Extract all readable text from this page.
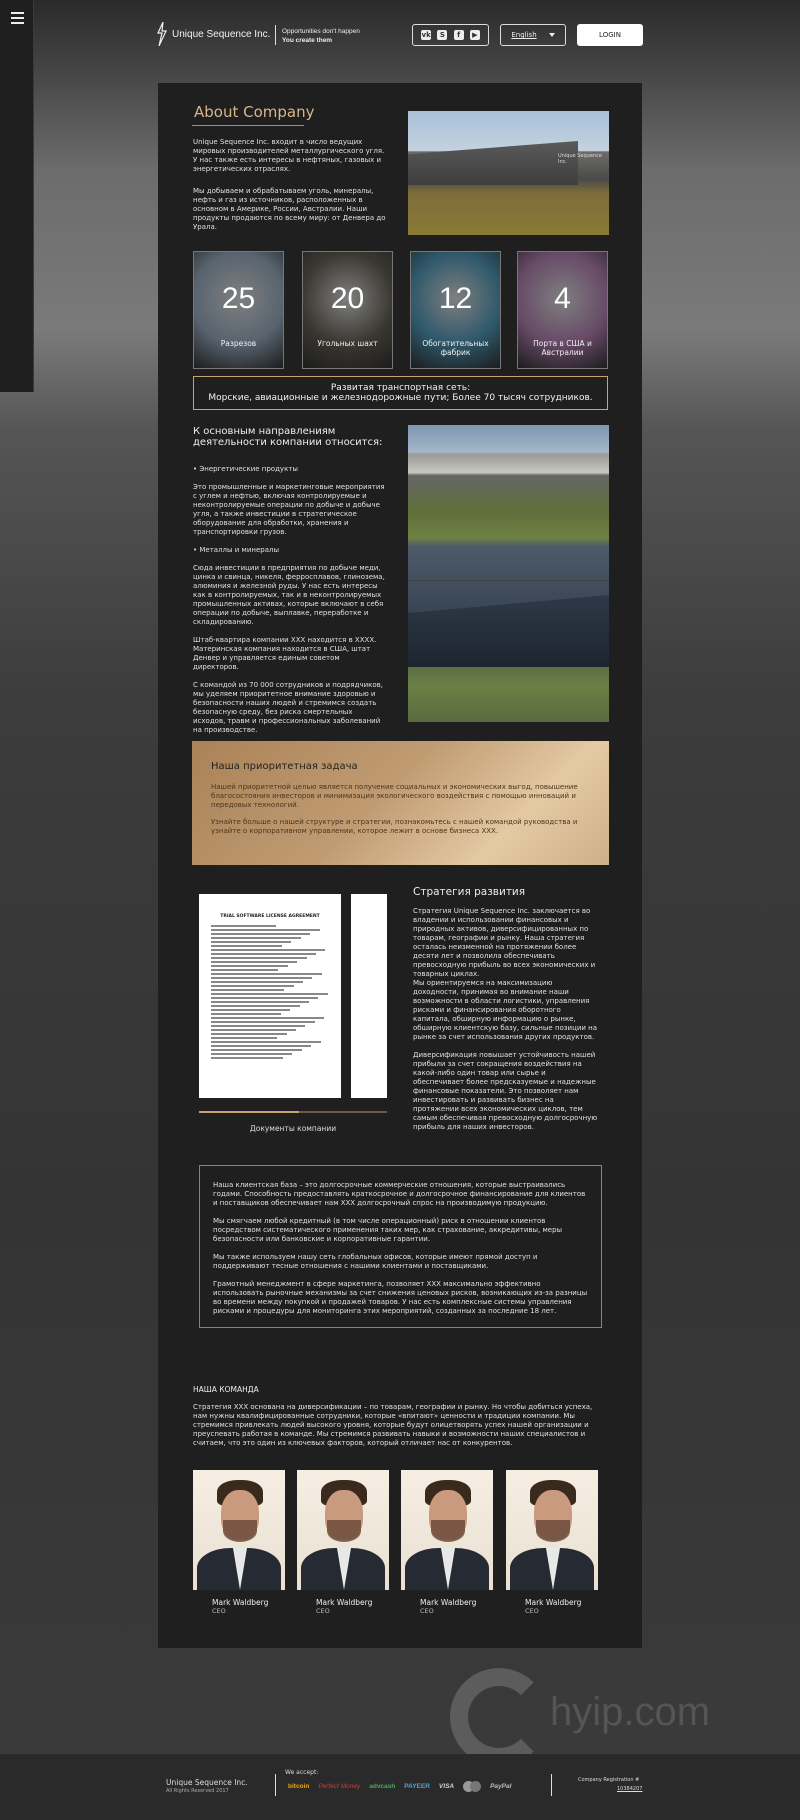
Unique Sequence Inc. Opportunities don't happen
You create them
vk	S	f	▶	English	LOGIN
About Company
Unique Sequence Inc. входит в число ведущих мировых производителей металлургического угля. У нас также есть интересы в нефтяных, газовых и энергетических отраслях.
Мы добываем и обрабатываем уголь, минералы, нефть и газ из источников, расположенных в основном в Америке, России, Австралии. Наши продукты продаются по всему миру: от Денвера до Урала.
Unique Sequence Inc.
25
Разрезов
20
Угольных шахт
12
Обогатительных фабрик
4
Порта в США и Австралии
Развитая транспортная сеть:
Морские, авиационные и железнодорожные пути; Более 70 тысяч сотрудников.
К основным направлениям деятельности компании относится:

• Энергетические продукты

Это промышленные и маркетинговые мероприятия с углем и нефтью, включая контролируемые и неконтролируемые операции по добыче и добыче угля, а также инвестиции в стратегическое оборудование для обработки, хранения и транспортировки грузов.

• Металлы и минералы

Сюда инвестиции в предприятия по добыче меди, цинка и свинца, никеля, ферросплавов, глинозема, алюминия и железной руды. У нас есть интересы как в контролируемых, так и в неконтролируемых промышленных активах, которые включают в себя операции по добыче, выплавке, переработке и складированию.

Штаб-квартира компании XXX находится в XXXX. Материнская компания находится в США, штат Денвер и управляется единым советом директоров.

С командой из 70 000 сотрудников и подрядчиков, мы уделяем приоритетное внимание здоровью и безопасности наших людей и стремимся создать безопасную среду, без риска смертельных исходов, травм и профессиональных заболеваний на производстве.

Наша приоритетная задача
Нашей приоритетной целью является получение социальных и экономических выгод, повышение благосостояния инвесторов и минимизация экологического воздействия с помощью инноваций и передовых технологий.
Узнайте больше о нашей структуре и стратегии, познакомьтесь с нашей командой руководства и узнайте о корпоративном управлении, которое лежит в основе бизнеса XXX.
TRIAL SOFTWARE LICENSE AGREEMENT
Документы компании
Стратегия развития

Стратегия Unique Sequence Inc. заключается во владении и использовании финансовых и природных активов, диверсифицированных по товарам, географии и рынку. Наша стратегия осталась неизменной на протяжении более десяти лет и позволила обеспечивать превосходную прибыль во всех экономических и товарных циклах.
Мы ориентируемся на максимизацию доходности, принимая во внимание наши возможности в области логистики, управления рисками и финансирования оборотного капитала, обширную информацию о рынке, обширную клиентскую базу, сильные позиции на рынке за счет использования других продуктов.

Диверсификация повышает устойчивость нашей прибыли за счет сокращения воздействия на какой-либо один товар или сырье и обеспечивает более предсказуемые и надежные финансовые показатели. Это позволяет нам инвестировать и развивать бизнес на протяжении всех экономических циклов, тем самым обеспечивая превосходную долгосрочную прибыль для наших инвесторов.

Наша клиентская база – это долгосрочные коммерческие отношения, которые выстраивались годами. Способность предоставлять краткосрочное и долгосрочное финансирование для клиентов и поставщиков обеспечивает нам XXX долгосрочный спрос на производимую продукцию.

Мы смягчаем любой кредитный (в том числе операционный) риск в отношении клиентов посредством систематического применения таких мер, как страхование, аккредитивы, меры безопасности или банковские и корпоративные гарантии.

Мы также используем нашу сеть глобальных офисов, которые имеют прямой доступ и поддерживают тесные отношения с нашими клиентами и поставщиками.

Грамотный менеджмент в сфере маркетинга, позволяет XXX максимально эффективно использовать рыночные механизмы за счет снижения ценовых рисков, возникающих из-за разницы во времени между покупкой и продажей товаров. У нас есть комплексные системы управления рисками и процедуры для мониторинга этих мероприятий, созданных за последние 18 лет.

НАША КОМАНДА
Стратегия XXX основана на диверсификации – по товарам, географии и рынку. Но чтобы добиться успеха, нам нужны квалифицированные сотрудники, которые «впитают» ценности и традиции компании. Мы стремимся привлекать людей высокого уровня, которые будут олицетворять успех нашей организации и преуспевать работая в команде. Мы стремимся развивать навыки и возможности наших специалистов и считаем, что это один из ключевых факторов, который отличает нас от конкурентов.
Mark Waldberg
CEO
Mark Waldberg
CEO
Mark Waldberg
CEO
Mark Waldberg
CEO
hyip.com
Unique Sequence Inc.
All Rights Reserved 2017
We accept:
bitcoin Perfect Money advcash PAYEER VISA	PayPal
Company Registration #
10384207
